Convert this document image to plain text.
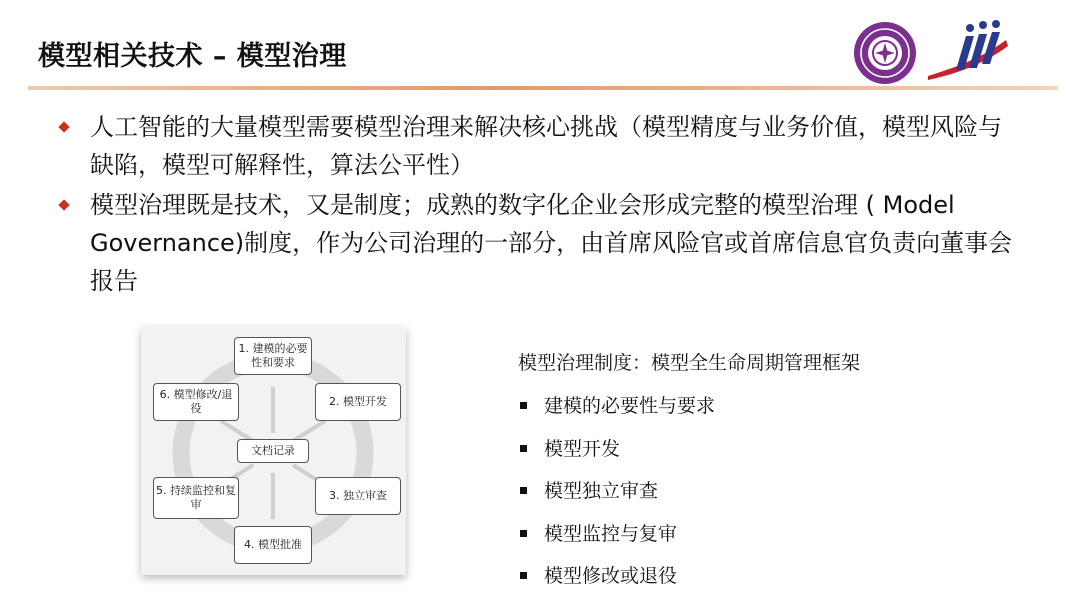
模型相关技术 – 模型治理
人工智能的大量模型需要模型治理来解决核心挑战（模型精度与业务价值，模型风险与缺陷，模型可解释性，算法公平性）
模型治理既是技术，又是制度；成熟的数字化企业会形成完整的模型治理 ( Model Governance)制度，作为公司治理的一部分，由首席风险官或首席信息官负责向董事会报告
1. 建模的必要性和要求
2. 模型开发
3. 独立审查
4. 模型批准
5. 持续监控和复审
6. 模型修改/退役
文档记录
模型治理制度：模型全生命周期管理框架
建模的必要性与要求
模型开发
模型独立审查
模型监控与复审
模型修改或退役
